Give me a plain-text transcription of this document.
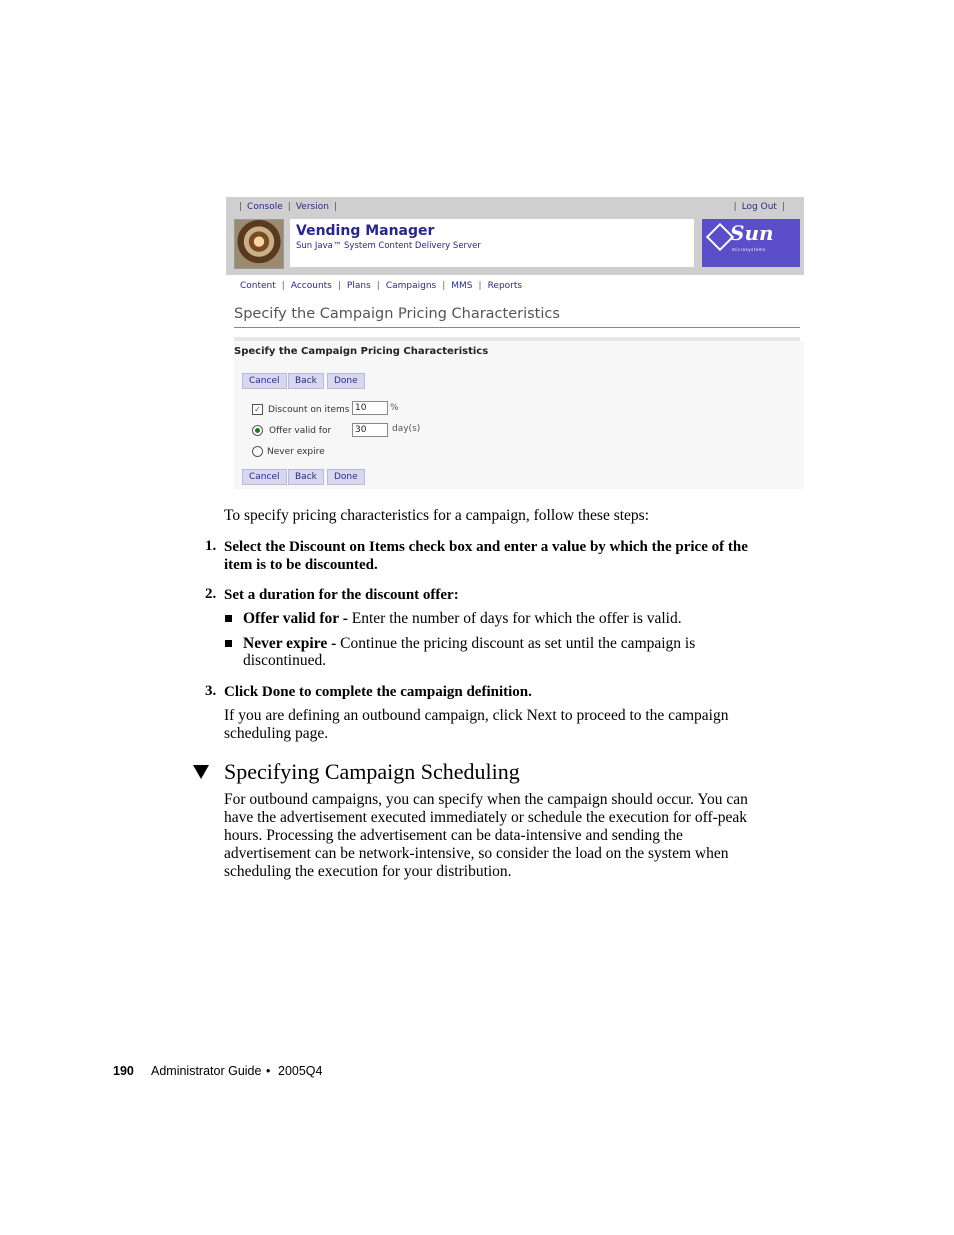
| Console | Version |	| Log Out |
Vending Manager
Sun Java™ System Content Delivery Server
Sun
microsystems
Content | Accounts | Plans | Campaigns | MMS | Reports
Specify the Campaign Pricing Characteristics
Specify the Campaign Pricing Characteristics
Cancel	Back	Done
✓ Discount on items
10	%
Offer valid for
30	day(s)
Never expire
Cancel	Back	Done
To specify pricing characteristics for a campaign, follow these steps:
1. Select the Discount on Items check box and enter a value by which the price of the
item is to be discounted.
2. Set a duration for the discount offer:
Offer valid for - Enter the number of days for which the offer is valid.
Never expire - Continue the pricing discount as set until the campaign is
discontinued.
3. Click Done to complete the campaign definition.
If you are defining an outbound campaign, click Next to proceed to the campaign
scheduling page.
Specifying Campaign Scheduling
For outbound campaigns, you can specify when the campaign should occur. You can
have the advertisement executed immediately or schedule the execution for off-peak
hours. Processing the advertisement can be data-intensive and sending the
advertisement can be network-intensive, so consider the load on the system when
scheduling the execution for your distribution.
190 Administrator Guide • 2005Q4
